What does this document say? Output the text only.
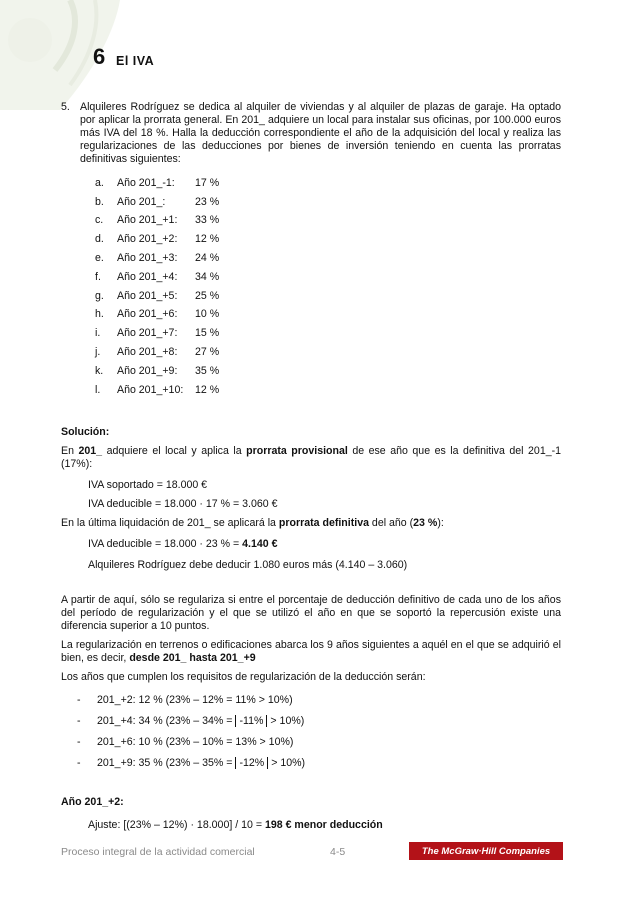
6 El IVA
5. Alquileres Rodríguez se dedica al alquiler de viviendas y al alquiler de plazas de garaje. Ha optado por aplicar la prorrata general. En 201_ adquiere un local para instalar sus oficinas, por 100.000 euros más IVA del 18 %. Halla la deducción correspondiente el año de la adquisición del local y realiza las regularizaciones de las deducciones por bienes de inversión teniendo en cuenta las prorratas definitivas siguientes:
a.	Año 201_-1:	17 %
b.	Año 201_:	23 %
c.	Año 201_+1:	33 %
d.	Año 201_+2:	12 %
e.	Año 201_+3:	24 %
f.	Año 201_+4:	34 %
g.	Año 201_+5:	25 %
h.	Año 201_+6:	10 %
i.	Año 201_+7:	15 %
j.	Año 201_+8:	27 %
k.	Año 201_+9:	35 %
l.	Año 201_+10:	12 %

Solución:

En 201_ adquiere el local y aplica la prorrata provisional de ese año que es la definitiva del 201_-1 (17%):

IVA soportado = 18.000 €

IVA deducible = 18.000 · 17 % = 3.060 €

En la última liquidación de 201_ se aplicará la prorrata definitiva del año (23 %):

IVA deducible = 18.000 · 23 % = 4.140 €

Alquileres Rodríguez debe deducir 1.080 euros más (4.140 – 3.060)

A partir de aquí, sólo se regulariza si entre el porcentaje de deducción definitivo de cada uno de los años del período de regularización y el que se utilizó el año en que se soportó la repercusión existe una diferencia superior a 10 puntos.

La regularización en terrenos o edificaciones abarca los 9 años siguientes a aquél en el que se adquirió el bien, es decir, desde 201_ hasta 201_+9

Los años que cumplen los requisitos de regularización de la deducción serán:

-	201_+2: 12 % (23% – 12% = 11% > 10%)
-	201_+4: 34 % (23% – 34% = -11% > 10%)
-	201_+6: 10 % (23% – 10% = 13% > 10%)
-	201_+9: 35 % (23% – 35% = -12% > 10%)

Año 201_+2:

Ajuste: [(23% – 12%) · 18.000] / 10 = 198 € menor deducción

Proceso integral de la actividad comercial	4-5	The McGraw·Hill Companies
